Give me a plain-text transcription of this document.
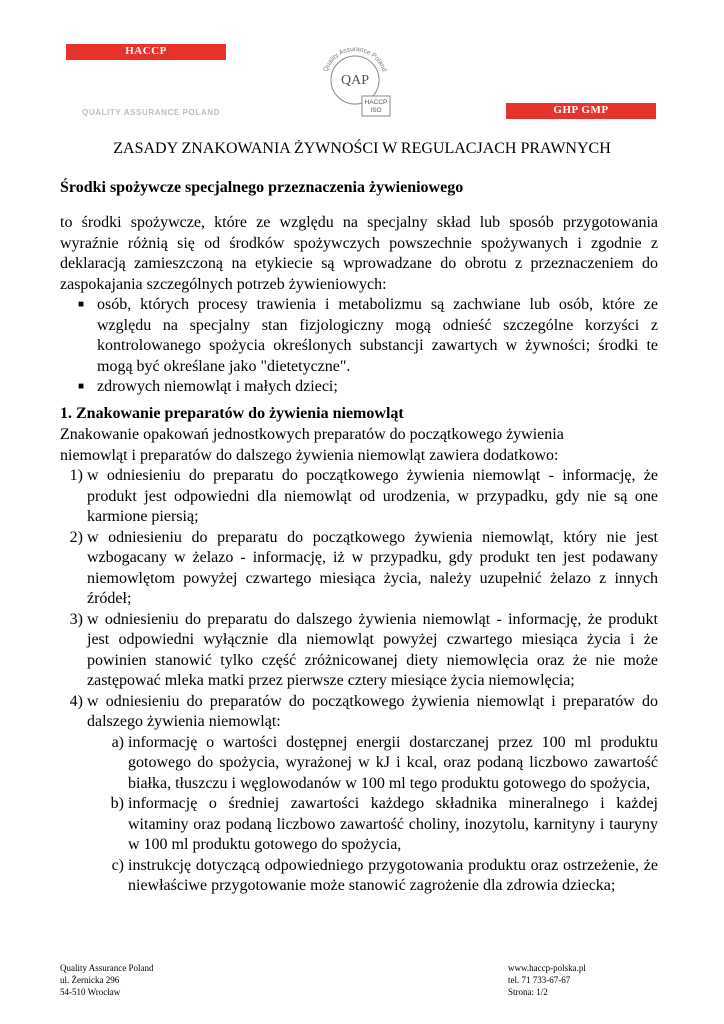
HACCP
QUALITY ASSURANCE POLAND	GHP GMP
Quality Assurance Poland
QAP
HACCP
ISO
ZASADY ZNAKOWANIA ŻYWNOŚCI W REGULACJACH PRAWNYCH
Środki spożywcze specjalnego przeznaczenia żywieniowego
to środki spożywcze, które ze względu na specjalny skład lub sposób przygotowania wyraźnie różnią się od środków spożywczych powszechnie spożywanych i zgodnie z deklaracją zamieszczoną na etykiecie są wprowadzane do obrotu z przeznaczeniem do zaspokajania szczególnych potrzeb żywieniowych:
■ osób, których procesy trawienia i metabolizmu są zachwiane lub osób, które ze względu na specjalny stan fizjologiczny mogą odnieść szczególne korzyści z kontrolowanego spożycia określonych substancji zawartych w żywności; środki te mogą być określane jako "dietetyczne".
■ zdrowych niemowląt i małych dzieci;
1. Znakowanie preparatów do żywienia niemowląt
Znakowanie opakowań jednostkowych preparatów do początkowego żywienia
niemowląt i preparatów do dalszego żywienia niemowląt zawiera dodatkowo:
1) w odniesieniu do preparatu do początkowego żywienia niemowląt - informację, że produkt jest odpowiedni dla niemowląt od urodzenia, w przypadku, gdy nie są one karmione piersią;
2) w odniesieniu do preparatu do początkowego żywienia niemowląt, który nie jest wzbogacany w żelazo - informację, iż w przypadku, gdy produkt ten jest podawany niemowlętom powyżej czwartego miesiąca życia, należy uzupełnić żelazo z innych źródeł;
3) w odniesieniu do preparatu do dalszego żywienia niemowląt - informację, że produkt jest odpowiedni wyłącznie dla niemowląt powyżej czwartego miesiąca życia i że powinien stanowić tylko część zróżnicowanej diety niemowlęcia oraz że nie może zastępować mleka matki przez pierwsze cztery miesiące życia niemowlęcia;
4) w odniesieniu do preparatów do początkowego żywienia niemowląt i preparatów do dalszego żywienia niemowląt:
a) informację o wartości dostępnej energii dostarczanej przez 100 ml produktu gotowego do spożycia, wyrażonej w kJ i kcal, oraz podaną liczbowo zawartość białka, tłuszczu i węglowodanów w 100 ml tego produktu gotowego do spożycia,
b) informację o średniej zawartości każdego składnika mineralnego i każdej witaminy oraz podaną liczbowo zawartość choliny, inozytolu, karnityny i tauryny w 100 ml produktu gotowego do spożycia,
c) instrukcję dotyczącą odpowiedniego przygotowania produktu oraz ostrzeżenie, że niewłaściwe przygotowanie może stanowić zagrożenie dla zdrowia dziecka;
Quality Assurance Poland
ul. Żernicka 296
54-510 Wrocław
www.haccp-polska.pl
tel. 71 733-67-67
Strona: 1/2
